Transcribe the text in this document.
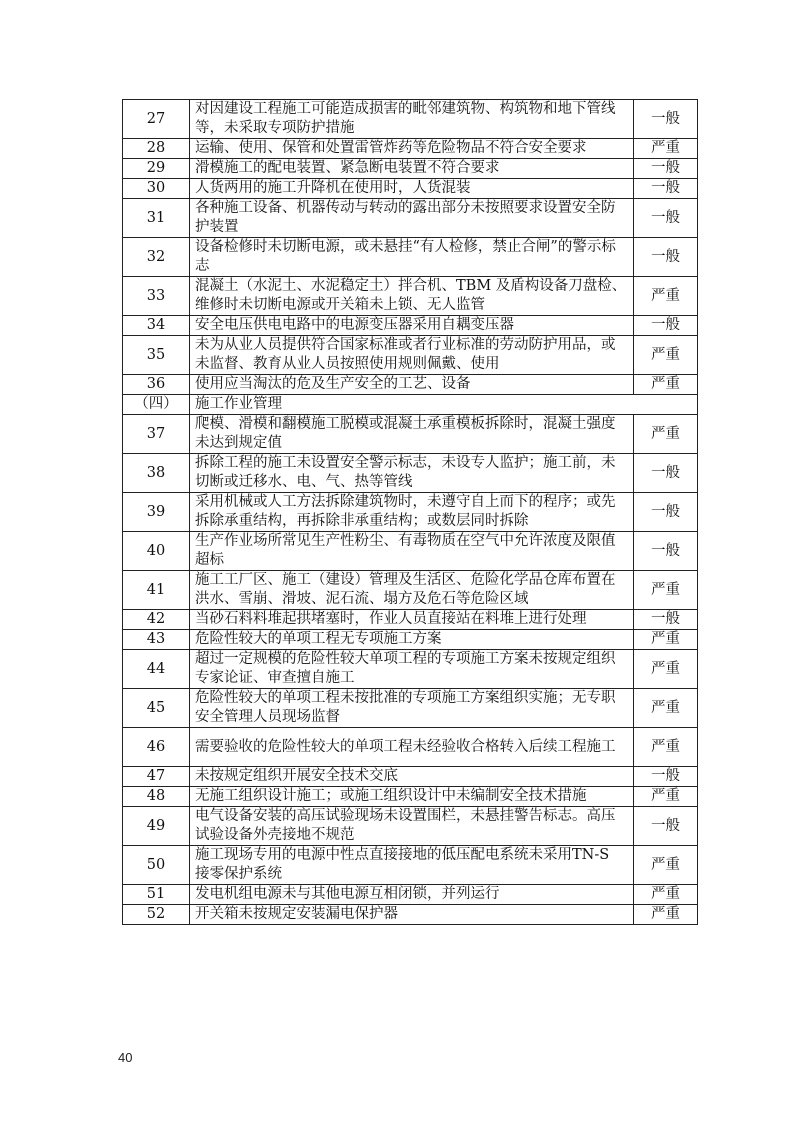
27	对因建设工程施工可能造成损害的毗邻建筑物、构筑物和地下管线等，未采取专项防护措施	一般
28	运输、使用、保管和处置雷管炸药等危险物品不符合安全要求	严重
29	滑模施工的配电装置、紧急断电装置不符合要求	一般
30	人货两用的施工升降机在使用时，人货混装	一般
31	各种施工设备、机器传动与转动的露出部分未按照要求设置安全防护装置	一般
32	设备检修时未切断电源，或未悬挂“有人检修，禁止合闸”的警示标志	一般
33	混凝土（水泥土、水泥稳定土）拌合机、TBM 及盾构设备刀盘检、维修时未切断电源或开关箱未上锁、无人监管	严重
34	安全电压供电电路中的电源变压器采用自耦变压器	一般
35	未为从业人员提供符合国家标准或者行业标准的劳动防护用品，或未监督、教育从业人员按照使用规则佩戴、使用	严重
36	使用应当淘汰的危及生产安全的工艺、设备	严重
（四）	施工作业管理	
37	爬模、滑模和翻模施工脱模或混凝土承重模板拆除时，混凝土强度未达到规定值	严重
38	拆除工程的施工未设置安全警示标志，未设专人监护；施工前，未切断或迁移水、电、气、热等管线	一般
39	采用机械或人工方法拆除建筑物时，未遵守自上而下的程序；或先拆除承重结构，再拆除非承重结构；或数层同时拆除	一般
40	生产作业场所常见生产性粉尘、有毒物质在空气中允许浓度及限值超标	一般
41	施工工厂区、施工（建设）管理及生活区、危险化学品仓库布置在洪水、雪崩、滑坡、泥石流、塌方及危石等危险区域	严重
42	当砂石料料堆起拱堵塞时，作业人员直接站在料堆上进行处理	一般
43	危险性较大的单项工程无专项施工方案	严重
44	超过一定规模的危险性较大单项工程的专项施工方案未按规定组织专家论证、审查擅自施工	严重
45	危险性较大的单项工程未按批准的专项施工方案组织实施；无专职安全管理人员现场监督	严重
46	需要验收的危险性较大的单项工程未经验收合格转入后续工程施工	严重
47	未按规定组织开展安全技术交底	一般
48	无施工组织设计施工；或施工组织设计中未编制安全技术措施	严重
49	电气设备安装的高压试验现场未设置围栏，未悬挂警告标志。高压试验设备外壳接地不规范	一般
50	施工现场专用的电源中性点直接接地的低压配电系统未采用TN-S 接零保护系统	严重
51	发电机组电源未与其他电源互相闭锁，并列运行	严重
52	开关箱未按规定安装漏电保护器	严重
40
